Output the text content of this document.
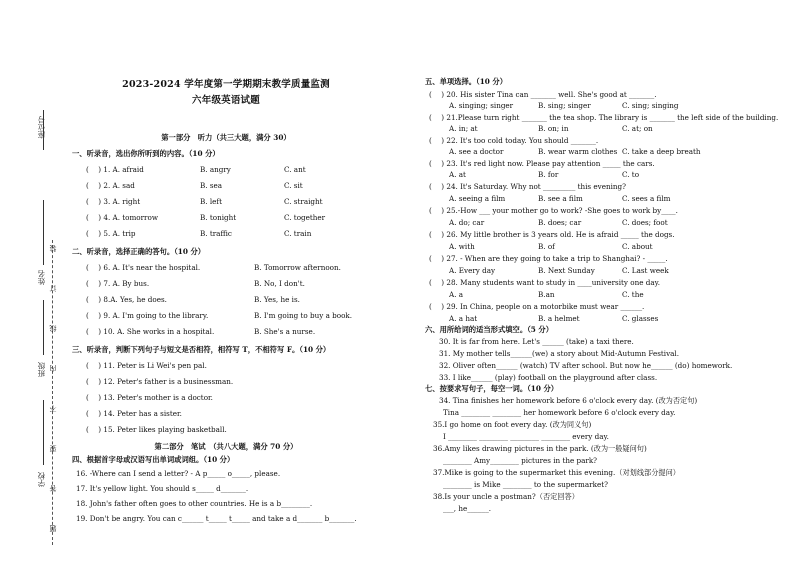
座位号
姓名
班级
学校
装
订
线
内
不
要
答
题
2023-2024 学年度第一学期期末教学质量监测
六年级英语试题
第一部分　听力（共三大题，满分 30）
一、听录音，选出你所听到的内容。（10 分）
(　 ) 1. A. afraid	B. angry	C. ant
(　 ) 2. A. sad	B. sea	C. sit
(　 ) 3. A. right	B. left	C. straight
(　 ) 4. A. tomorrow	B. tonight	C. together
(　 ) 5. A. trip	B. traffic	C. train
二、听录音，选择正确的答句。（10 分）
(　 ) 6. A. It's near the hospital.	B. Tomorrow afternoon.
(　 ) 7. A. By bus.	B. No, I don't.
(　 ) 8.A. Yes, he does.	B. Yes, he is.
(　 ) 9. A. I'm going to the library.	B. I'm going to buy a book.
(　 ) 10. A. She works in a hospital.	B. She's a nurse.
三、听录音，判断下列句子与短文是否相符，相符写 T，不相符写 F。（10 分）
(　 ) 11. Peter is Li Wei's pen pal.
(　 ) 12. Peter's father is a businessman.
(　 ) 13. Peter's mother is a doctor.
(　 ) 14. Peter has a sister.
(　 ) 15. Peter likes playing basketball.
第二部分　笔试　（共八大题，满分 70 分）
四、根据首字母或汉语写出单词或词组。（10 分）
16. -Where can I send a letter? - A p_____ o_____, please.
17. It's yellow light. You should s_____ d_______.
18. John's father often goes to other countries. He is a b________.
19. Don't be angry. You can c______ t_____ t_____ and take a d_______ b_______.
五、单项选择。（10 分）
(　 ) 20. His sister Tina can _______ well. She's good at _______.
A. singing; singer	B. sing; singer	C. sing; singing
(　 ) 21.Please turn right _______ the tea shop. The library is _______ the left side of the building.
A. in; at	B. on; in	C. at; on
(　 ) 22. It's too cold today. You should _______.
A. see a doctor	B. wear warm clothes C. take a deep breath
(　 ) 23. It's red light now. Please pay attention _____ the cars.
A. at	B. for	C. to
(　 ) 24. It's Saturday. Why not _________ this evening?
A. seeing a film	B. see a film	C. sees a film
(　 ) 25.-How ___ your mother go to work? -She goes to work by____.
A. do; car	B. does; car	C. does; foot
(　 ) 26. My little brother is 3 years old. He is afraid _____ the dogs.
A. with	B. of	C. about
(　 ) 27. - When are they going to take a trip to Shanghai? - _____.
A. Every day	B. Next Sunday	C. Last week
(　 ) 28. Many students want to study in ____university one day.
A. a	B.an	C. the
(　 ) 29. In China, people on a motorbike must wear ______.
A. a hat	B. a helmet	C. glasses
六、用所给词的适当形式填空。（5 分）
30. It is far from here. Let's ______ (take) a taxi there.
31. My mother tells______(we) a story about Mid-Autumn Festival.
32. Oliver often______ (watch) TV after school. But now he______ (do) homework.
33. I like______ (play) football on the playground after class.
七、按要求写句子，每空一词。（10 分）
34. Tina finishes her homework before 6 o'clock every day. (改为否定句)
Tina ________ ________ her homework before 6 o'clock every day.
35.I go home on foot every day. (改为同义句)
I ________ ________ ________ ________ every day.
36.Amy likes drawing pictures in the park. (改为一般疑问句)
________ Amy________ pictures in the park?
37.Mike is going to the supermarket this evening.（对划线部分提问）
________ is Mike ________ to the supermarket?
38.Is your uncle a postman?（否定回答）
___, he______.
